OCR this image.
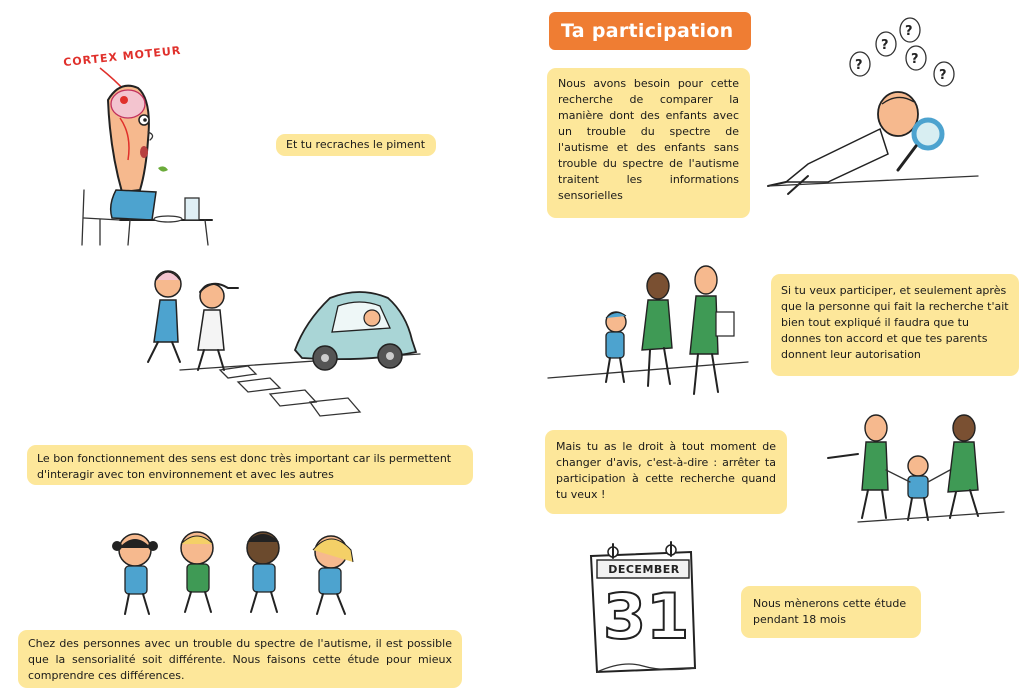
CORTEX MOTEUR
Et tu recraches le piment
Le bon fonctionnement des sens est donc très important car ils permettent d'interagir avec ton environnement et avec les autres
Chez des personnes avec un trouble du spectre de l'autisme, il est possible que la sensorialité soit différente. Nous faisons cette étude pour mieux comprendre ces différences.
Ta participation
Nous avons besoin pour cette recherche de comparer la manière dont des enfants avec un trouble du spectre de l'autisme et des enfants sans trouble du spectre de l'autisme traitent les informations sensorielles
?
?
?
?
?
Si tu veux participer, et seulement après que la personne qui fait la recherche t'ait bien tout expliqué il faudra que tu donnes ton accord et que tes parents donnent leur autorisation
Mais tu as le droit à tout moment de changer d'avis, c'est-à-dire : arrêter ta participation à cette recherche quand tu veux !
DECEMBER
31	Nous mènerons cette étude pendant 18 mois
